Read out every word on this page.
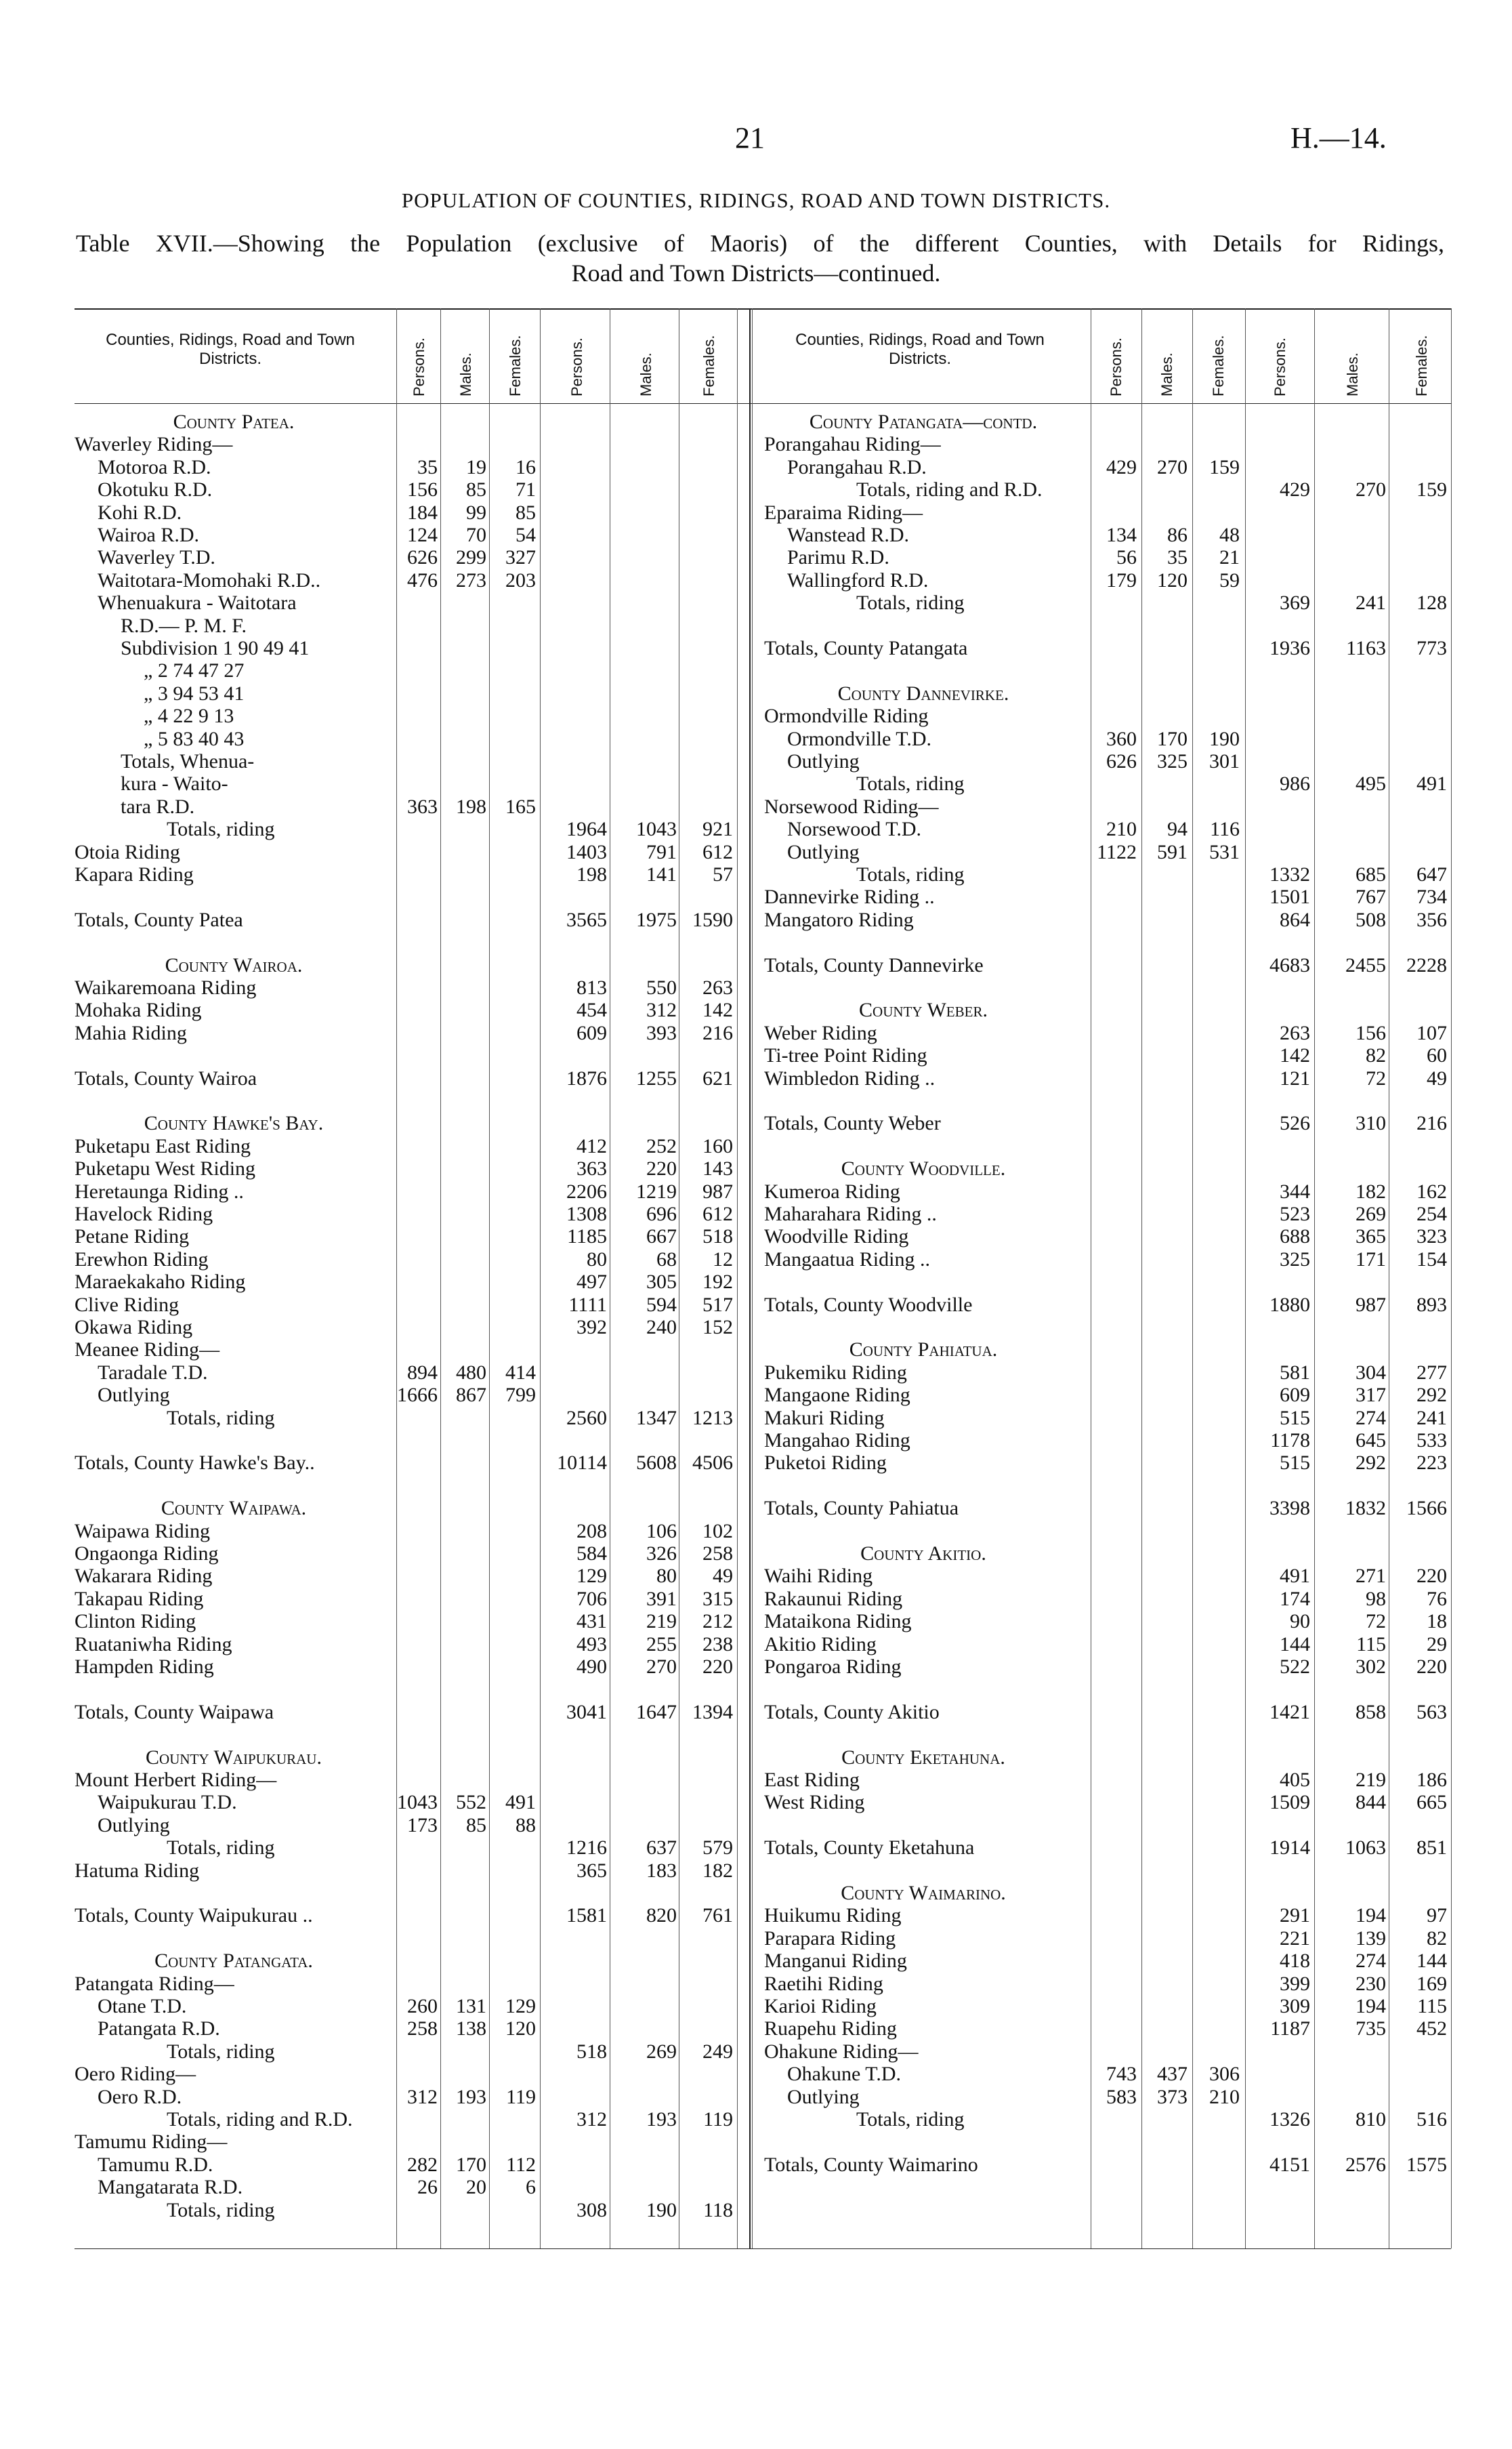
21	H.—14.
POPULATION OF COUNTIES, RIDINGS, ROAD AND TOWN DISTRICTS.
Table XVII.—Showing the Population (exclusive of Maoris) of the different Counties, with Details for Ridings,
Road and Town Districts—continued.
Counties, Ridings, Road and Town Districts.	Persons. Males. Females.	Persons.	Males.	Females.
County Patea.
Waverley Riding—
Motoroa R.D.	35	19	16
Okotuku R.D.	156	85	71
Kohi R.D.	184	99	85
Wairoa R.D.	124	70	54
Waverley T.D.	626 299 327
Waitotara-Momohaki R.D..	476 273 203
Whenuakura - Waitotara
R.D.— P. M. F.
Subdivision 1 90 49 41
„ 2 74 47 27
„ 3 94 53 41
„ 4 22 9 13
„ 5 83 40 43
Totals, Whenua-
kura - Waito-
tara R.D.	363 198 165
Totals, riding	1964	1043	921
Otoia Riding	1403	791	612
Kapara Riding	198	141	57
Totals, County Patea	3565	1975 1590
County Wairoa.
Waikaremoana Riding	813	550	263
Mohaka Riding	454	312	142
Mahia Riding	609	393	216
Totals, County Wairoa	1876	1255	621
County Hawke's Bay.
Puketapu East Riding	412	252	160
Puketapu West Riding	363	220	143
Heretaunga Riding ..	2206	1219	987
Havelock Riding	1308	696	612
Petane Riding	1185	667	518
Erewhon Riding	80	68	12
Maraekakaho Riding	497	305	192
Clive Riding	1111	594	517
Okawa Riding	392	240	152
Meanee Riding—
Taradale T.D.	894 480 414
Outlying	1666 867 799
Totals, riding	2560	1347 1213
Totals, County Hawke's Bay..	10114	5608 4506
County Waipawa.
Waipawa Riding	208	106	102
Ongaonga Riding	584	326	258
Wakarara Riding	129	80	49
Takapau Riding	706	391	315
Clinton Riding	431	219	212
Ruataniwha Riding	493	255	238
Hampden Riding	490	270	220
Totals, County Waipawa	3041	1647 1394
County Waipukurau.
Mount Herbert Riding—
Waipukurau T.D.	1043 552 491
Outlying	173	85	88
Totals, riding	1216	637	579
Hatuma Riding	365	183	182
Totals, County Waipukurau ..	1581	820	761
County Patangata.
Patangata Riding—
Otane T.D.	260 131 129
Patangata R.D.	258 138 120
Totals, riding	518	269	249
Oero Riding—
Oero R.D.	312 193 119
Totals, riding and R.D.	312	193	119
Tamumu Riding—
Tamumu R.D.	282 170 112
Mangatarata R.D.	26	20	6
Totals, riding	308	190	118
Counties, Ridings, Road and Town Districts.	Persons. Males. Females.	Persons.	Males.	Females.
County Patangata—contd.
Porangahau Riding—
Porangahau R.D.	429	270	159
Totals, riding and R.D.	429	270	159
Eparaima Riding—
Wanstead R.D.	134	86	48
Parimu R.D.	56	35	21
Wallingford R.D.	179	120	59
Totals, riding	369	241	128
Totals, County Patangata	1936	1163	773
County Dannevirke.
Ormondville Riding
Ormondville T.D.	360	170	190
Outlying	626	325	301
Totals, riding	986	495	491
Norsewood Riding—
Norsewood T.D.	210	94	116
Outlying	1122	591	531
Totals, riding	1332	685	647
Dannevirke Riding ..	1501	767	734
Mangatoro Riding	864	508	356
Totals, County Dannevirke	4683	2455	2228
County Weber.
Weber Riding	263	156	107
Ti-tree Point Riding	142	82	60
Wimbledon Riding ..	121	72	49
Totals, County Weber	526	310	216
County Woodville.
Kumeroa Riding	344	182	162
Maharahara Riding ..	523	269	254
Woodville Riding	688	365	323
Mangaatua Riding ..	325	171	154
Totals, County Woodville	1880	987	893
County Pahiatua.
Pukemiku Riding	581	304	277
Mangaone Riding	609	317	292
Makuri Riding	515	274	241
Mangahao Riding	1178	645	533
Puketoi Riding	515	292	223
Totals, County Pahiatua	3398	1832	1566
County Akitio.
Waihi Riding	491	271	220
Rakaunui Riding	174	98	76
Mataikona Riding	90	72	18
Akitio Riding	144	115	29
Pongaroa Riding	522	302	220
Totals, County Akitio	1421	858	563
County Eketahuna.
East Riding	405	219	186
West Riding	1509	844	665
Totals, County Eketahuna	1914	1063	851
County Waimarino.
Huikumu Riding	291	194	97
Parapara Riding	221	139	82
Manganui Riding	418	274	144
Raetihi Riding	399	230	169
Karioi Riding	309	194	115
Ruapehu Riding	1187	735	452
Ohakune Riding—
Ohakune T.D.	743	437	306
Outlying	583	373	210
Totals, riding	1326	810	516
Totals, County Waimarino	4151	2576	1575
